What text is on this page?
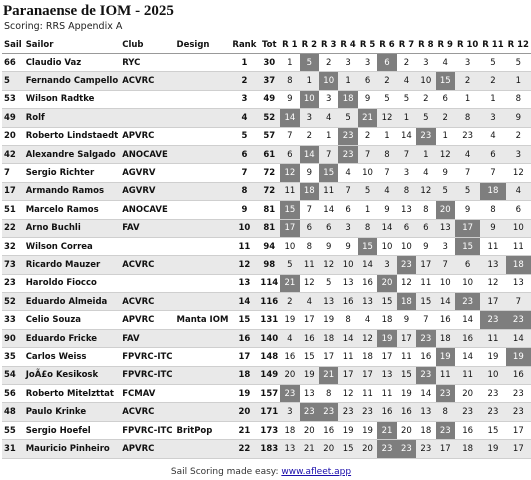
Paranaense de IOM - 2025
Scoring: RRS Appendix A
Sail	Sailor	Club	Design	Rank	Tot	R 1	R 2	R 3	R 4	R 5	R 6	R 7	R 8	R 9	R 10	R 11	R 12
66	Claudio Vaz	RYC		1	30	1	5	2	3	3	6	2	3	4	3	5	5
5	Fernando Campello	ACVRC		2	37	8	1	10	1	6	2	4	10	15	2	2	1
53	Wilson Radtke			3	49	9	10	3	18	9	5	5	2	6	1	1	8
49	Rolf			4	52	14	3	4	5	21	12	1	5	2	8	3	9
20	Roberto Lindstaedt	APVRC		5	57	7	2	1	23	2	1	14	23	1	23	4	2
42	Alexandre Salgado	ANOCAVE		6	61	6	14	7	23	7	8	7	1	12	4	6	3
7	Sergio Richter	AGVRV		7	72	12	9	15	4	10	7	3	4	9	7	7	12
17	Armando Ramos	AGVRV		8	72	11	18	11	7	5	4	8	12	5	5	18	4
51	Marcelo Ramos	ANOCAVE		9	81	15	7	14	6	1	9	13	8	20	9	8	6
22	Arno Buchli	FAV		10	81	17	6	6	3	8	14	6	6	13	17	9	10
32	Wilson Correa			11	94	10	8	9	9	15	10	10	9	3	15	11	11
73	Ricardo Mauzer	ACVRC		12	98	5	11	12	10	14	3	23	17	7	6	13	18
23	Haroldo Fiocco			13	114	21	12	5	13	16	20	12	11	10	10	12	13
52	Eduardo Almeida	ACVRC		14	116	2	4	13	16	13	15	18	15	14	23	17	7
33	Celio Souza	APVRC	Manta IOM	15	131	19	17	19	8	4	18	9	7	16	14	23	23
90	Eduardo Fricke	FAV		16	140	4	16	18	14	12	19	17	23	18	16	11	14
35	Carlos Weiss	FPVRC-ITC		17	148	16	15	17	11	18	17	11	16	19	14	19	19
54	JoÃ£o Kesikosk	FPVRC-ITC		18	149	20	19	21	17	17	13	15	23	11	11	10	16
56	Roberto Mitelzttat	FCMAV		19	157	23	13	8	12	11	11	19	14	23	20	23	23
48	Paulo Krinke	ACVRC		20	171	3	23	23	23	23	16	16	13	8	23	23	23
55	Sergio Hoefel	FPVRC-ITC	BritPop	21	173	18	20	16	19	19	21	20	18	23	16	15	17
31	Mauricio Pinheiro	APVRC		22	183	13	21	20	15	20	23	23	23	17	18	19	17
Sail Scoring made easy: www.afleet.app
